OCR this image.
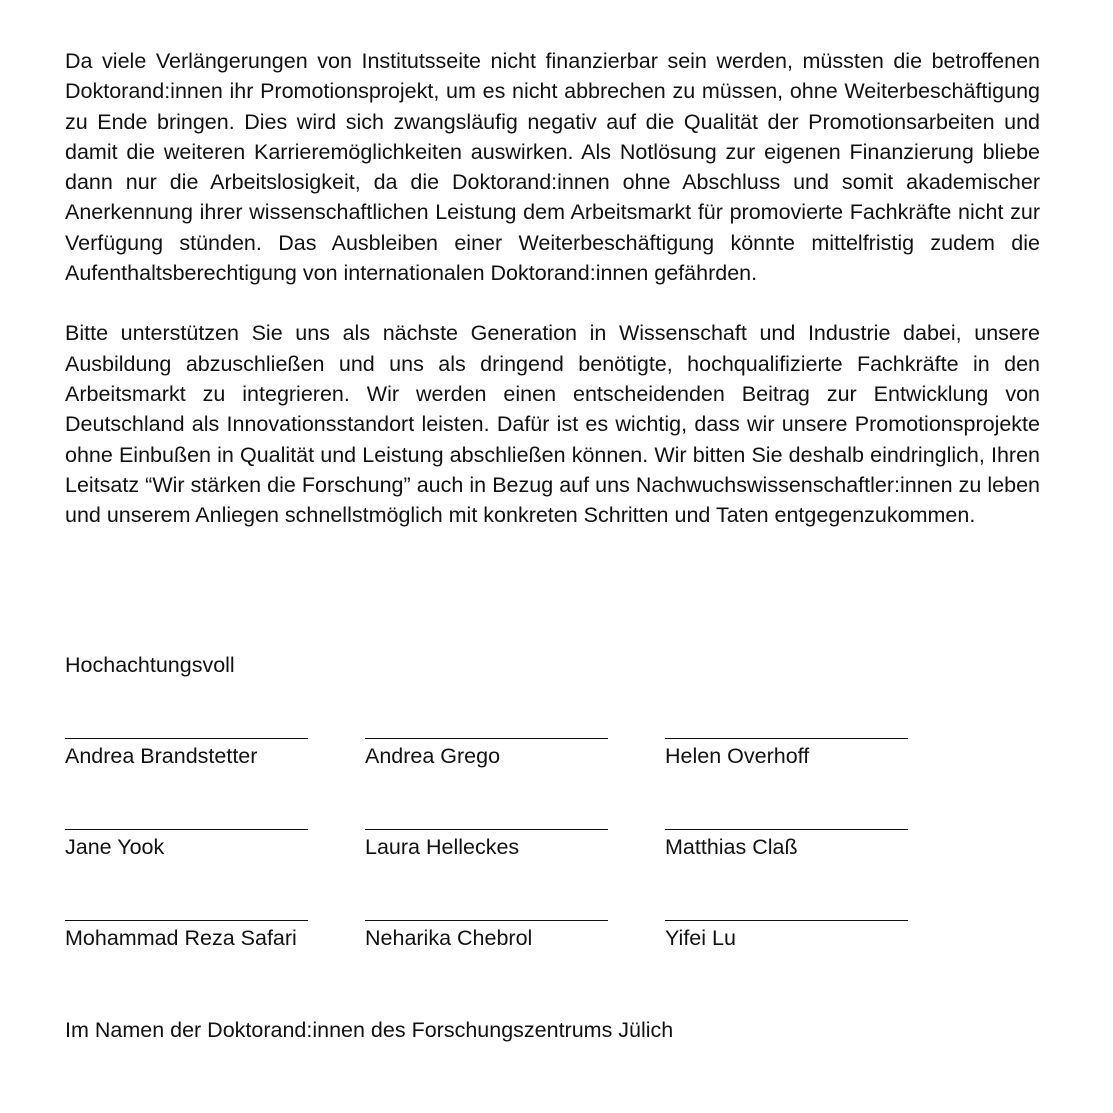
Da viele Verlängerungen von Institutsseite nicht finanzierbar sein werden, müssten die betroffenen Doktorand:innen ihr Promotionsprojekt, um es nicht abbrechen zu müssen, ohne Weiterbeschäftigung zu Ende bringen. Dies wird sich zwangsläufig negativ auf die Qualität der Promotionsarbeiten und damit die weiteren Karrieremöglichkeiten auswirken. Als Notlösung zur eigenen Finanzierung bliebe dann nur die Arbeitslosigkeit, da die Doktorand:innen ohne Abschluss und somit akademischer Anerkennung ihrer wissenschaftlichen Leistung dem Arbeitsmarkt für promovierte Fachkräfte nicht zur Verfügung stünden. Das Ausbleiben einer Weiterbeschäftigung könnte mittelfristig zudem die Aufenthaltsberechtigung von internationalen Doktorand:innen gefährden.

Bitte unterstützen Sie uns als nächste Generation in Wissenschaft und Industrie dabei, unsere Ausbildung abzuschließen und uns als dringend benötigte, hochqualifizierte Fachkräfte in den Arbeitsmarkt zu integrieren. Wir werden einen entscheidenden Beitrag zur Entwicklung von Deutschland als Innovationsstandort leisten. Dafür ist es wichtig, dass wir unsere Promotionsprojekte ohne Einbußen in Qualität und Leistung abschließen können. Wir bitten Sie deshalb eindringlich, Ihren Leitsatz “Wir stärken die Forschung” auch in Bezug auf uns Nachwuchswissenschaftler:innen zu leben und unserem Anliegen schnellstmöglich mit konkreten Schritten und Taten entgegenzukommen.

Hochachtungsvoll

Andrea Brandstetter	Andrea Grego	Helen Overhoff
Jane Yook	Laura Helleckes	Matthias Claß
Mohammad Reza Safari	Neharika Chebrol	Yifei Lu

Im Namen der Doktorand:innen des Forschungszentrums Jülich
